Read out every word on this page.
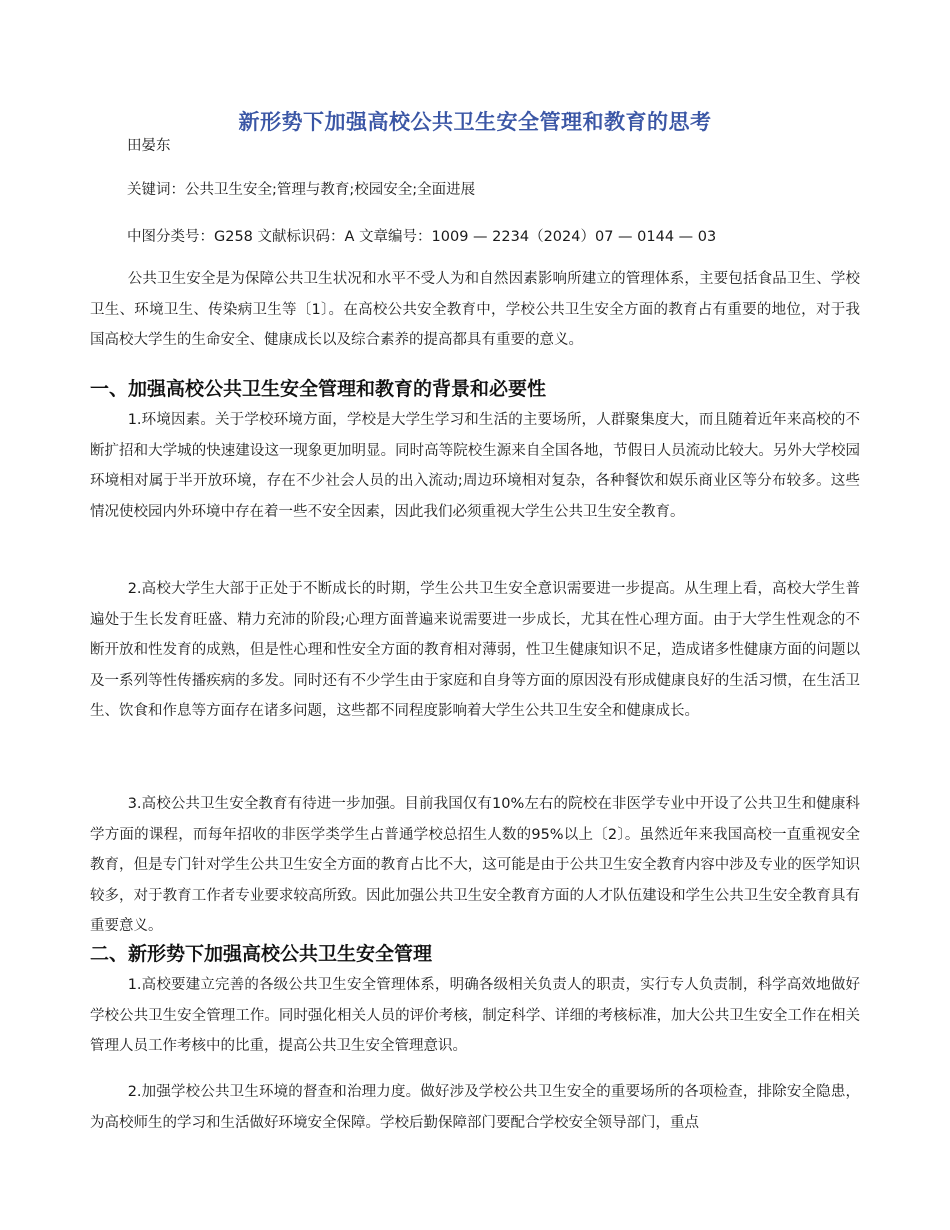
新形势下加强高校公共卫生安全管理和教育的思考
田晏东
关键词：公共卫生安全;管理与教育;校园安全;全面进展
中图分类号：G258 文献标识码：A 文章编号：1009 — 2234（2024）07 — 0144 — 03

公共卫生安全是为保障公共卫生状况和水平不受人为和自然因素影响所建立的管理体系，主要包括食品卫生、学校卫生、环境卫生、传染病卫生等〔1〕。在高校公共安全教育中，学校公共卫生安全方面的教育占有重要的地位，对于我国高校大学生的生命安全、健康成长以及综合素养的提高都具有重要的意义。

一、加强高校公共卫生安全管理和教育的背景和必要性

1.环境因素。关于学校环境方面，学校是大学生学习和生活的主要场所，人群聚集度大，而且随着近年来高校的不断扩招和大学城的快速建设这一现象更加明显。同时高等院校生源来自全国各地，节假日人员流动比较大。另外大学校园环境相对属于半开放环境，存在不少社会人员的出入流动;周边环境相对复杂，各种餐饮和娱乐商业区等分布较多。这些情况使校园内外环境中存在着一些不安全因素，因此我们必须重视大学生公共卫生安全教育。

2.高校大学生大部于正处于不断成长的时期，学生公共卫生安全意识需要进一步提高。从生理上看，高校大学生普遍处于生长发育旺盛、精力充沛的阶段;心理方面普遍来说需要进一步成长，尤其在性心理方面。由于大学生性观念的不断开放和性发育的成熟，但是性心理和性安全方面的教育相对薄弱，性卫生健康知识不足，造成诸多性健康方面的问题以及一系列等性传播疾病的多发。同时还有不少学生由于家庭和自身等方面的原因没有形成健康良好的生活习惯，在生活卫生、饮食和作息等方面存在诸多问题，这些都不同程度影响着大学生公共卫生安全和健康成长。

3.高校公共卫生安全教育有待进一步加强。目前我国仅有10%左右的院校在非医学专业中开设了公共卫生和健康科学方面的课程，而每年招收的非医学类学生占普通学校总招生人数的95%以上〔2〕。虽然近年来我国高校一直重视安全教育，但是专门针对学生公共卫生安全方面的教育占比不大，这可能是由于公共卫生安全教育内容中涉及专业的医学知识较多，对于教育工作者专业要求较高所致。因此加强公共卫生安全教育方面的人才队伍建设和学生公共卫生安全教育具有重要意义。

二、新形势下加强高校公共卫生安全管理

1.高校要建立完善的各级公共卫生安全管理体系，明确各级相关负责人的职责，实行专人负责制，科学高效地做好学校公共卫生安全管理工作。同时强化相关人员的评价考核，制定科学、详细的考核标准，加大公共卫生安全工作在相关管理人员工作考核中的比重，提高公共卫生安全管理意识。

2.加强学校公共卫生环境的督查和治理力度。做好涉及学校公共卫生安全的重要场所的各项检查，排除安全隐患，为高校师生的学习和生活做好环境安全保障。学校后勤保障部门要配合学校安全领导部门，重点
